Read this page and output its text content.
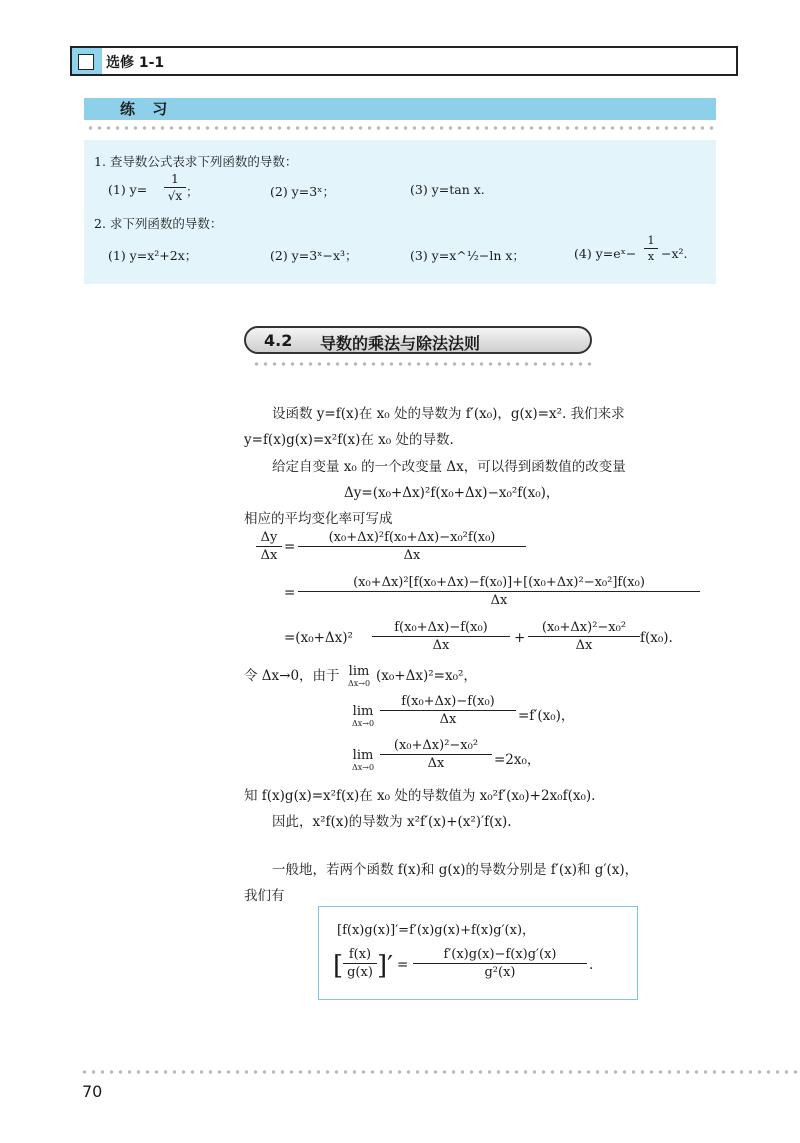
选修 1-1
练 习
1. 查导数公式表求下列函数的导数：
(1) y=
1
√x ；	(2) y=3ˣ；	(3) y=tan x.
2. 求下列函数的导数：
(1) y=x²+2x；	(2) y=3ˣ−x³；	(3) y=x^½−ln x；	(4) y=eˣ−
1
x −x².
4.2 导数的乘法与除法法则
设函数 y=f(x)在 x₀ 处的导数为 f′(x₀)，g(x)=x². 我们来求
y=f(x)g(x)=x²f(x)在 x₀ 处的导数.
给定自变量 x₀ 的一个改变量 Δx，可以得到函数值的改变量
Δy=(x₀+Δx)²f(x₀+Δx)−x₀²f(x₀)，
相应的平均变化率可写成
Δy
Δx
=
(x₀+Δx)²f(x₀+Δx)−x₀²f(x₀)
Δx
=
(x₀+Δx)²[f(x₀+Δx)−f(x₀)]+[(x₀+Δx)²−x₀²]f(x₀)
Δx
=(x₀+Δx)²
f(x₀+Δx)−f(x₀)
Δx	+
(x₀+Δx)²−x₀²
Δx	f(x₀).
令 Δx→0，由于 lim
Δx→0 (x₀+Δx)²=x₀²，
lim
Δx→0
f(x₀+Δx)−f(x₀)
Δx	=f′(x₀)，
lim
Δx→0
(x₀+Δx)²−x₀²
Δx	=2x₀，
知 f(x)g(x)=x²f(x)在 x₀ 处的导数值为 x₀²f′(x₀)+2x₀f(x₀).
因此，x²f(x)的导数为 x²f′(x)+(x²)′f(x).
一般地，若两个函数 f(x)和 g(x)的导数分别是 f′(x)和 g′(x)，
我们有
[f(x)g(x)]′=f′(x)g(x)+f(x)g′(x)，
[ f(x)
g(x) ]′ =
f′(x)g(x)−f(x)g′(x)
g²(x)	.
70
